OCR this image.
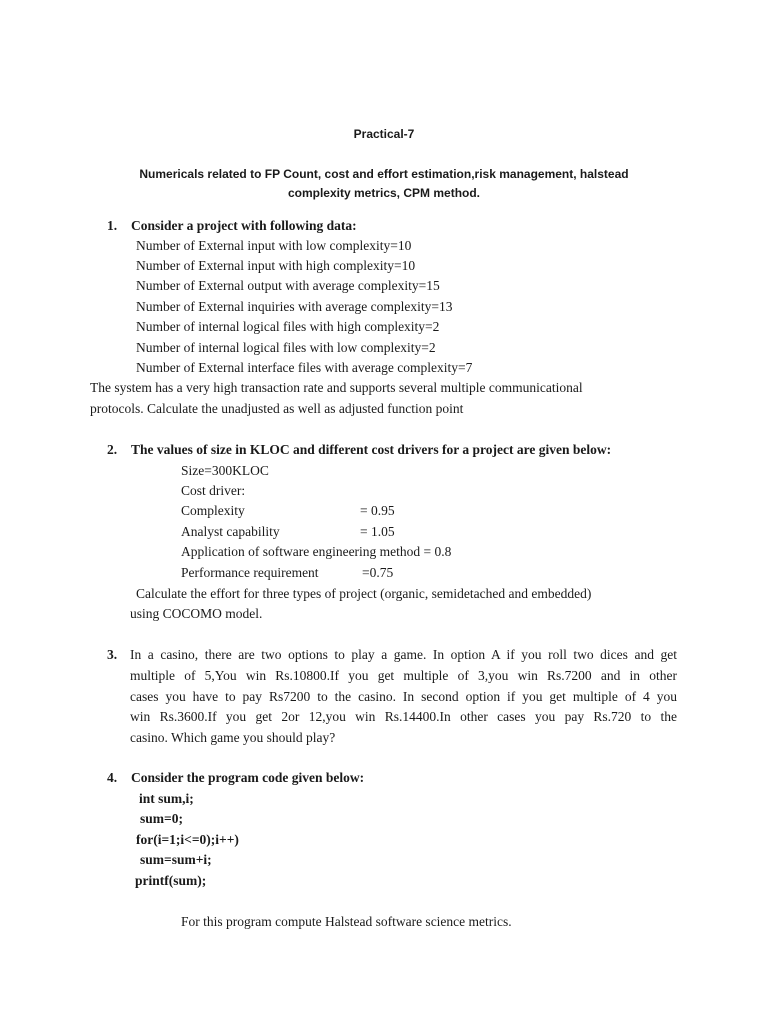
Practical-7
Numericals related to FP Count, cost and effort estimation,risk management, halstead
complexity metrics, CPM method.
1. Consider a project with following data:
Number of External input with low complexity=10
Number of External input with high complexity=10
Number of External output with average complexity=15
Number of External inquiries with average complexity=13
Number of internal logical files with high complexity=2
Number of internal logical files with low complexity=2
Number of External interface files with average complexity=7
The system has a very high transaction rate and supports several multiple communicational
protocols. Calculate the unadjusted as well as adjusted function point
2. The values of size in KLOC and different cost drivers for a project are given below:
Size=300KLOC
Cost driver:
Complexity	= 0.95
Analyst capability	= 1.05
Application of software engineering method = 0.8
Performance requirement	=0.75
Calculate the effort for three types of project (organic, semidetached and embedded)
using COCOMO model.
3. In a casino, there are two options to play a game. In option A if you roll two dices and get
multiple of 5,You win Rs.10800.If you get multiple of 3,you win Rs.7200 and in other
cases you have to pay Rs7200 to the casino. In second option if you get multiple of 4 you
win Rs.3600.If you get 2or 12,you win Rs.14400.In other cases you pay Rs.720 to the
casino. Which game you should play?
4. Consider the program code given below:
int sum,i;
sum=0;
for(i=1;i<=0);i++)
sum=sum+i;
printf(sum);
For this program compute Halstead software science metrics.
